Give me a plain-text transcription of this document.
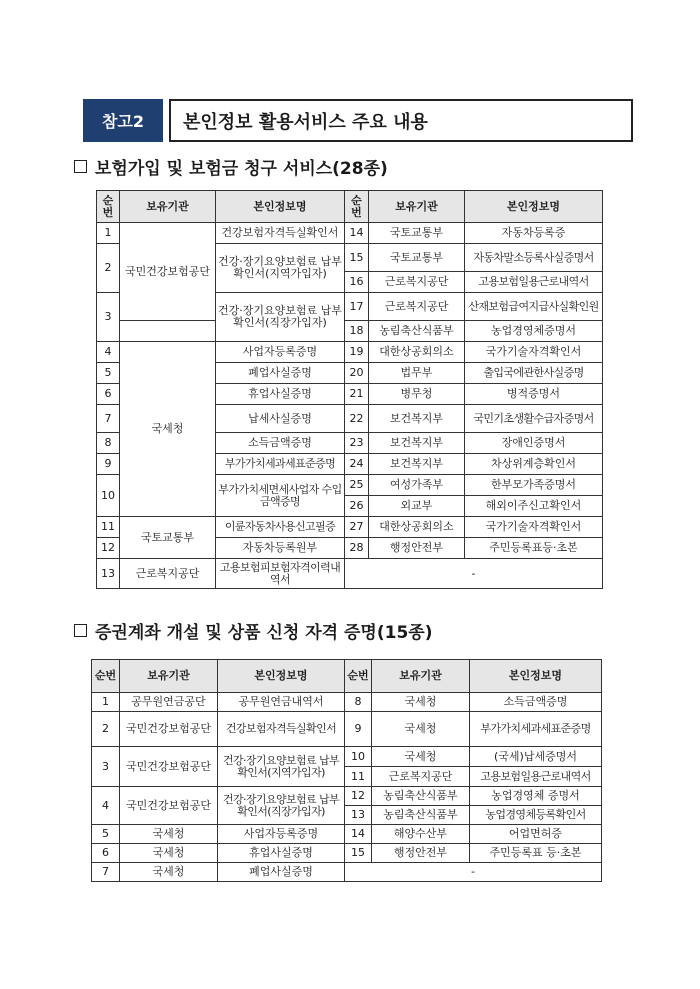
참고2	본인정보 활용서비스 주요 내용
보험가입 및 보험금 청구 서비스(28종)
순번	보유기관	본인정보명	순번	보유기관	본인정보명
1	국민건강보험공단	건강보험자격득실확인서	14	국토교통부	자동차등록증
2		건강·장기요양보험료 납부확인서(지역가입자)	15	국토교통부	자동차말소등록사실증명서
			16	근로복지공단	고용보험일용근로내역서
3		건강·장기요양보험료 납부확인서(직장가입자)	17	근로복지공단	산재보험급여지급사실확인원
			18	농림축산식품부	농업경영체증명서
4	국세청	사업자등록증명	19	대한상공회의소	국가기술자격확인서
5		폐업사실증명	20	법무부	출입국에관한사실증명
6		휴업사실증명	21	병무청	병적증명서
7		납세사실증명	22	보건복지부	국민기초생활수급자증명서
8		소득금액증명	23	보건복지부	장애인증명서
9		부가가치세과세표준증명	24	보건복지부	차상위계층확인서
10		부가가치세면세사업자 수입금액증명	25	여성가족부	한부모가족증명서
			26	외교부	해외이주신고확인서
11	국토교통부	이륜자동차사용신고필증	27	대한상공회의소	국가기술자격확인서
12		자동차등록원부	28	행정안전부	주민등록표등·초본
13	근로복지공단	고용보험피보험자격이력내역서	-		
증권계좌 개설 및 상품 신청 자격 증명(15종)
순번	보유기관	본인정보명	순번	보유기관	본인정보명
1	공무원연금공단	공무원연금내역서	8	국세청	소득금액증명
2	국민건강보험공단	건강보험자격득실확인서	9	국세청	부가가치세과세표준증명
3	국민건강보험공단	건강·장기요양보험료 납부확인서(지역가입자)	10	국세청	(국세)납세증명서
			11	근로복지공단	고용보험일용근로내역서
4	국민건강보험공단	건강·장기요양보험료 납부확인서(직장가입자)	12	농림축산식품부	농업경영체 증명서
			13	농림축산식품부	농업경영체등록확인서
5	국세청	사업자등록증명	14	해양수산부	어업면허증
6	국세청	휴업사실증명	15	행정안전부	주민등록표 등·초본
7	국세청	폐업사실증명	-		
